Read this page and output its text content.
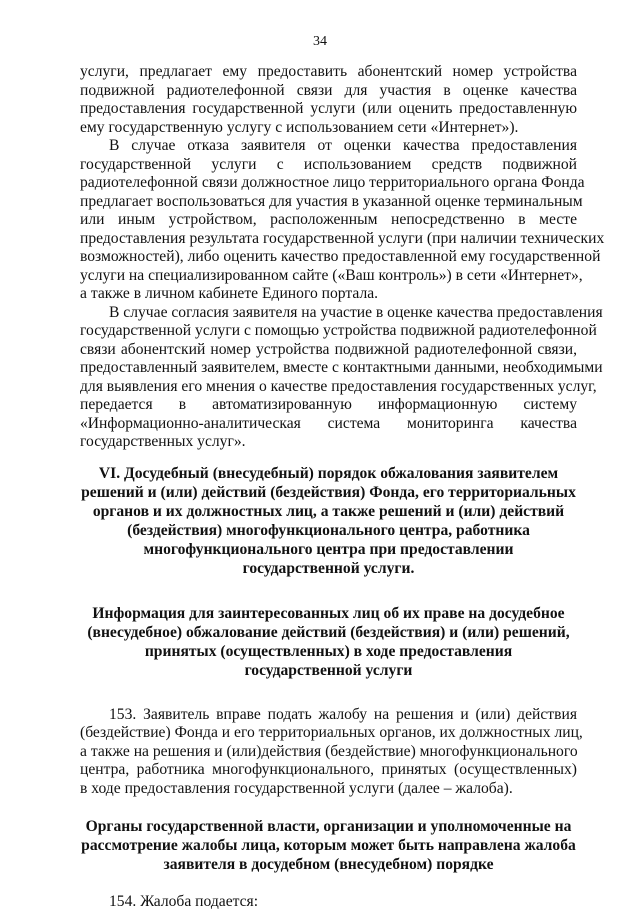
34
услуги, предлагает ему предоставить абонентский номер устройства
подвижной радиотелефонной связи для участия в оценке качества
предоставления государственной услуги (или оценить предоставленную
ему государственную услугу с использованием сети «Интернет»).
В случае отказа заявителя от оценки качества предоставления
государственной услуги с использованием средств подвижной
радиотелефонной связи должностное лицо территориального органа Фонда
предлагает воспользоваться для участия в указанной оценке терминальным
или иным устройством, расположенным непосредственно в месте
предоставления результата государственной услуги (при наличии технических
возможностей), либо оценить качество предоставленной ему государственной
услуги на специализированном сайте («Ваш контроль») в сети «Интернет»,
а также в личном кабинете Единого портала.
В случае согласия заявителя на участие в оценке качества предоставления
государственной услуги с помощью устройства подвижной радиотелефонной
связи абонентский номер устройства подвижной радиотелефонной связи,
предоставленный заявителем, вместе с контактными данными, необходимыми
для выявления его мнения о качестве предоставления государственных услуг,
передается в автоматизированную информационную систему
«Информационно-аналитическая система мониторинга качества
государственных услуг».
VI. Досудебный (внесудебный) порядок обжалования заявителем
решений и (или) действий (бездействия) Фонда, его территориальных
органов и их должностных лиц, а также решений и (или) действий
(бездействия) многофункционального центра, работника
многофункционального центра при предоставлении
государственной услуги.
Информация для заинтересованных лиц об их праве на досудебное
(внесудебное) обжалование действий (бездействия) и (или) решений,
принятых (осуществленных) в ходе предоставления
государственной услуги
153. Заявитель вправе подать жалобу на решения и (или) действия
(бездействие) Фонда и его территориальных органов, их должностных лиц,
а также на решения и (или)действия (бездействие) многофункционального
центра, работника многофункционального, принятых (осуществленных)
в ходе предоставления государственной услуги (далее – жалоба).
Органы государственной власти, организации и уполномоченные на
рассмотрение жалобы лица, которым может быть направлена жалоба
заявителя в досудебном (внесудебном) порядке
154. Жалоба подается:
